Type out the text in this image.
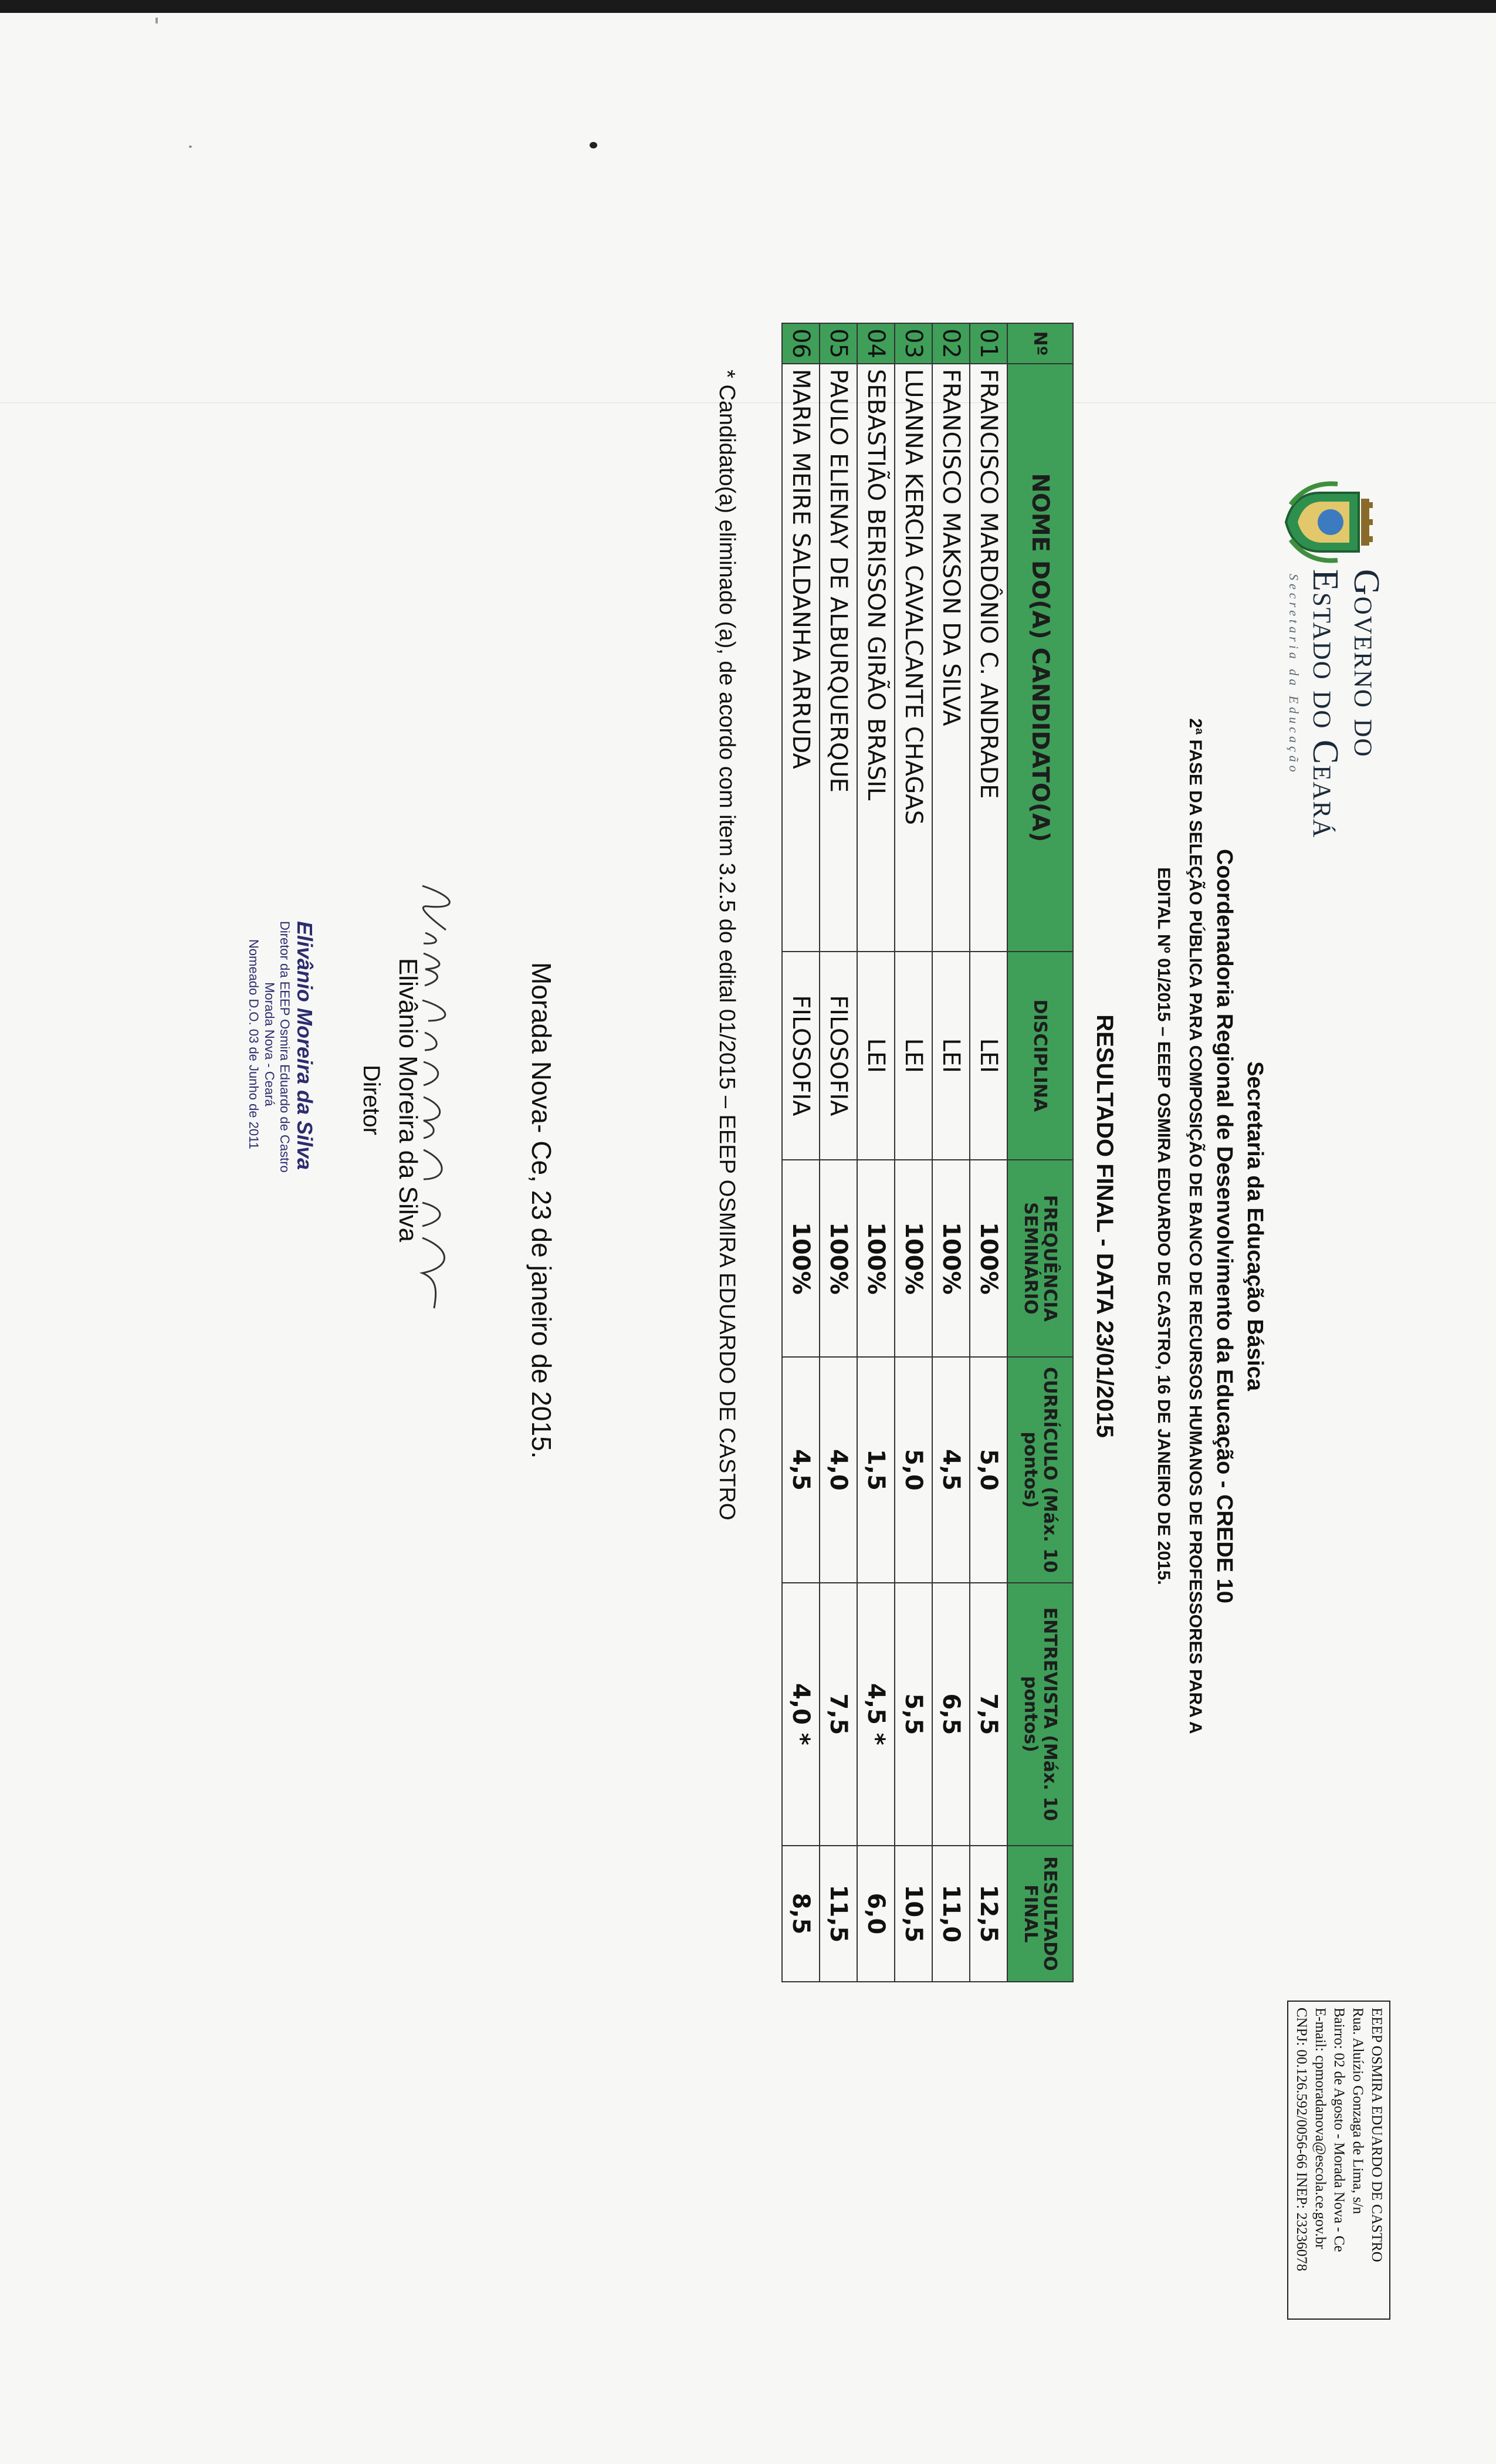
Governo do
Estado do Ceará
Secretaria da Educação
EEEP OSMIRA EDUARDO DE CASTRO
Rua. Aluízio Gonzaga de Lima, s/n
Bairro: 02 de Agosto - Morada Nova - Ce
E-mail: cpmoradanova@escola.ce.gov.br
CNPJ: 00.126.592/0056-66 INEP: 23236078
Secretaria da Educação Básica
Coordenadoria Regional de Desenvolvimento da Educação - CREDE 10
2ª FASE DA SELEÇÃO PÚBLICA PARA COMPOSIÇÃO DE BANCO DE RECURSOS HUMANOS DE PROFESSORES PARA A
EDITAL Nº 01/2015 – EEEP OSMIRA EDUARDO DE CASTRO, 16 DE JANEIRO DE 2015.
RESULTADO FINAL - DATA 23/01/2015
Nº	NOME DO(A) CANDIDATO(A)	DISCIPLINA	FREQUÊNCIA SEMINÁRIO	CURRÍCULO (Máx. 10 pontos)	ENTREVISTA (Máx. 10 pontos)	RESULTADO FINAL
01	FRANCISCO MARDÔNIO C. ANDRADE	LEI	100%	5,0	7,5	12,5
02	FRANCISCO MAKSON DA SILVA	LEI	100%	4,5	6,5	11,0
03	LUANNA KERCIA CAVALCANTE CHAGAS	LEI	100%	5,0	5,5	10,5
04	SEBASTIÃO BERISSON GIRÃO BRASIL	LEI	100%	1,5	4,5 *	6,0
05	PAULO ELIENAY DE ALBURQUERQUE	FILOSOFIA	100%	4,0	7,5	11,5
06	MARIA MEIRE SALDANHA ARRUDA	FILOSOFIA	100%	4,5	4,0 *	8,5
* Candidato(a) eliminado (a), de acordo com item 3.2.5 do edital 01/2015 – EEEP OSMIRA EDUARDO DE CASTRO
Morada Nova- Ce, 23 de janeiro de 2015.
Elivânio Moreira da Silva
Diretor
Elivânio Moreira da Silva
Diretor da EEEP Osmira Eduardo de Castro
Morada Nova - Ceará
Nomeado D.O. 03 de Junho de 2011
